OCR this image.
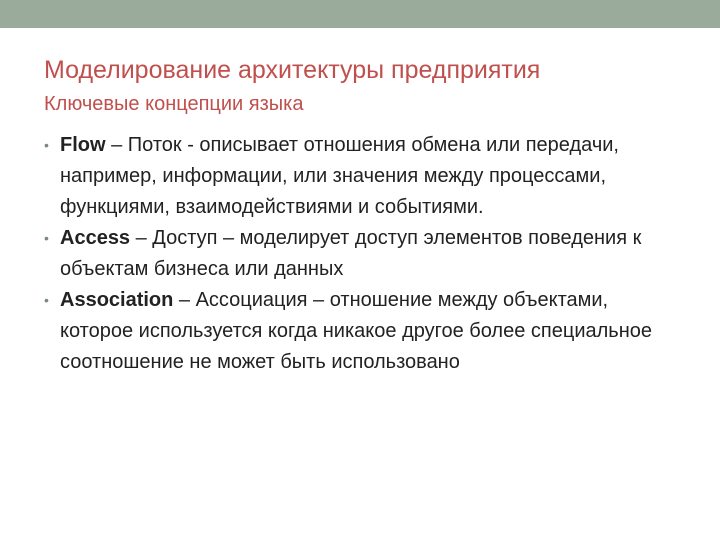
Моделирование архитектуры предприятия
Ключевые концепции языка
• Flow – Поток - описывает отношения обмена или передачи, например, информации, или значения между процессами, функциями, взаимодействиями и событиями.
• Access – Доступ – моделирует доступ элементов поведения к объектам бизнеса или данных
• Association – Ассоциация – отношение между объектами, которое используется когда никакое другое более специальное соотношение не может быть использовано
